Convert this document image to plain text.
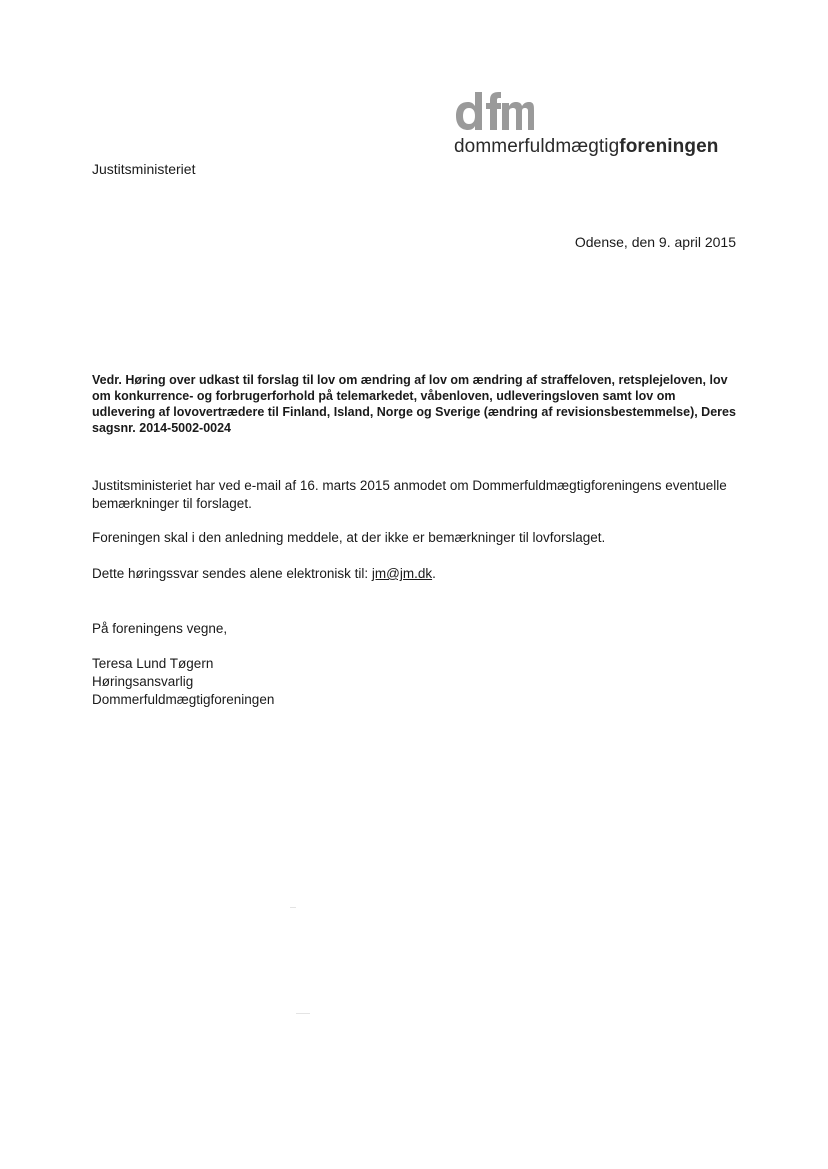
dommerfuldmægtigforeningen
Justitsministeriet
Odense, den 9. april 2015
Vedr. Høring over udkast til forslag til lov om ændring af lov om ændring af straffeloven, retsplejeloven, lov om konkurrence- og forbrugerforhold på telemarkedet, våbenloven, udleveringsloven samt lov om udlevering af lovovertrædere til Finland, Island, Norge og Sverige (ændring af revisionsbestemmelse), Deres sagsnr. 2014-5002-0024
Justitsministeriet har ved e-mail af 16. marts 2015 anmodet om Dommerfuldmægtigforeningens eventuelle bemærkninger til forslaget.
Foreningen skal i den anledning meddele, at der ikke er bemærkninger til lovforslaget.
Dette høringssvar sendes alene elektronisk til: jm@jm.dk.
På foreningens vegne,
Teresa Lund Tøgern
Høringsansvarlig
Dommerfuldmægtigforeningen
